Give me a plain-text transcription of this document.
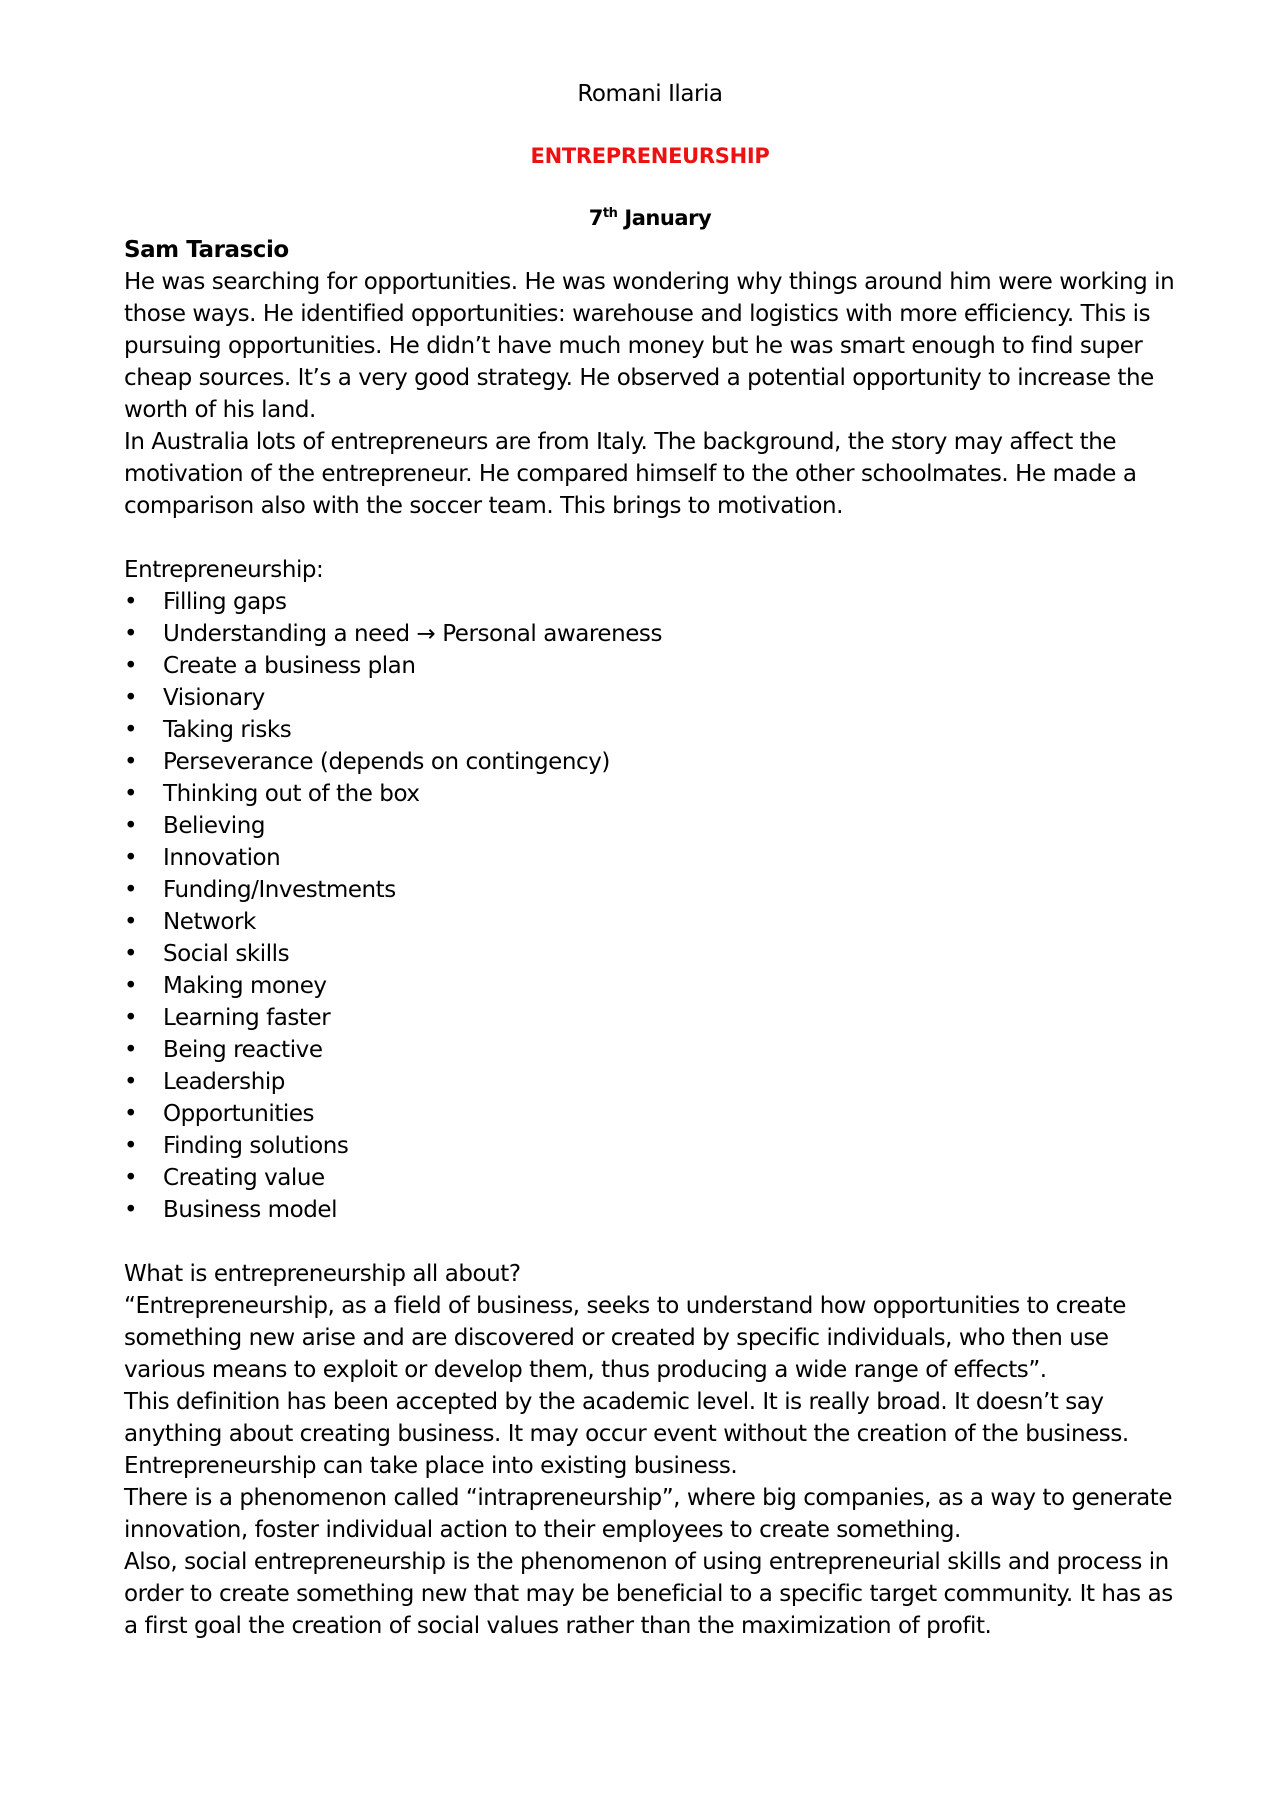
Romani Ilaria

ENTREPRENEURSHIP

7th January

Sam Tarascio

He was searching for opportunities. He was wondering why things around him were working in those ways. He identified opportunities: warehouse and logistics with more efficiency. This is pursuing opportunities. He didn’t have much money but he was smart enough to find super cheap sources. It’s a very good strategy. He observed a potential opportunity to increase the worth of his land.

In Australia lots of entrepreneurs are from Italy. The background, the story may affect the motivation of the entrepreneur. He compared himself to the other schoolmates. He made a comparison also with the soccer team. This brings to motivation.

Entrepreneurship:

• Filling gaps
• Understanding a need → Personal awareness
• Create a business plan
• Visionary
• Taking risks
• Perseverance (depends on contingency)
• Thinking out of the box
• Believing
• Innovation
• Funding/Investments
• Network
• Social skills
• Making money
• Learning faster
• Being reactive
• Leadership
• Opportunities
• Finding solutions
• Creating value
• Business model

What is entrepreneurship all about?

“Entrepreneurship, as a field of business, seeks to understand how opportunities to create something new arise and are discovered or created by specific individuals, who then use various means to exploit or develop them, thus producing a wide range of effects”.

This definition has been accepted by the academic level. It is really broad. It doesn’t say anything about creating business. It may occur event without the creation of the business.

Entrepreneurship can take place into existing business.

There is a phenomenon called “intrapreneurship”, where big companies, as a way to generate innovation, foster individual action to their employees to create something.

Also, social entrepreneurship is the phenomenon of using entrepreneurial skills and process in order to create something new that may be beneficial to a specific target community. It has as a first goal the creation of social values rather than the maximization of profit.
